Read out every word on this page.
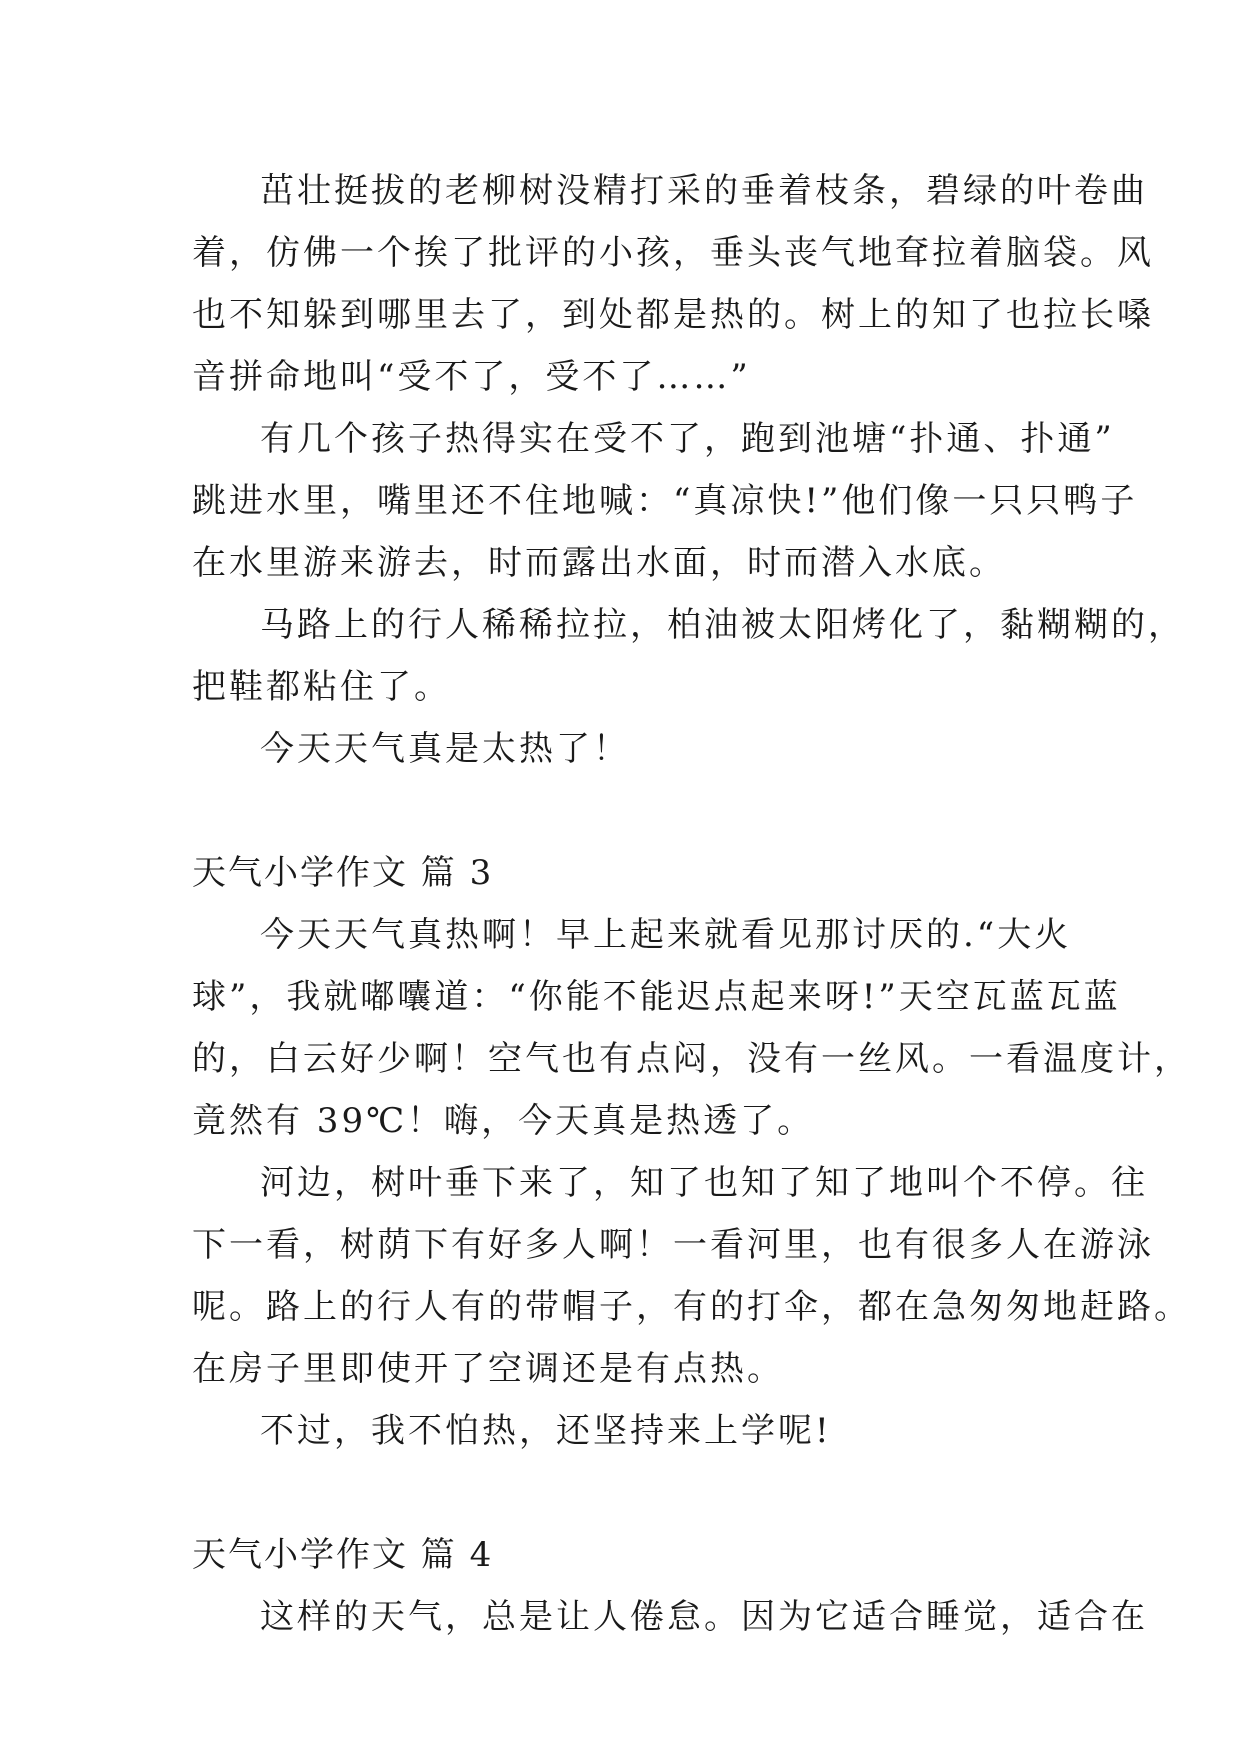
茁壮挺拔的老柳树没精打采的垂着枝条，碧绿的叶卷曲
着，仿佛一个挨了批评的小孩，垂头丧气地耷拉着脑袋。风
也不知躲到哪里去了，到处都是热的。树上的知了也拉长嗓
音拼命地叫“受不了，受不了……”
有几个孩子热得实在受不了，跑到池塘“扑通、扑通”
跳进水里，嘴里还不住地喊：“真凉快!”他们像一只只鸭子
在水里游来游去，时而露出水面，时而潜入水底。
马路上的行人稀稀拉拉，柏油被太阳烤化了，黏糊糊的，
把鞋都粘住了。
今天天气真是太热了！
天气小学作文 篇 3
今天天气真热啊！早上起来就看见那讨厌的.“大火
球”，我就嘟囔道：“你能不能迟点起来呀!”天空瓦蓝瓦蓝
的，白云好少啊！空气也有点闷，没有一丝风。一看温度计，
竟然有 39℃！嗨，今天真是热透了。
河边，树叶垂下来了，知了也知了知了地叫个不停。往
下一看，树荫下有好多人啊！一看河里，也有很多人在游泳
呢。路上的行人有的带帽子，有的打伞，都在急匆匆地赶路。
在房子里即使开了空调还是有点热。
不过，我不怕热，还坚持来上学呢!
天气小学作文 篇 4
这样的天气，总是让人倦怠。因为它适合睡觉，适合在
